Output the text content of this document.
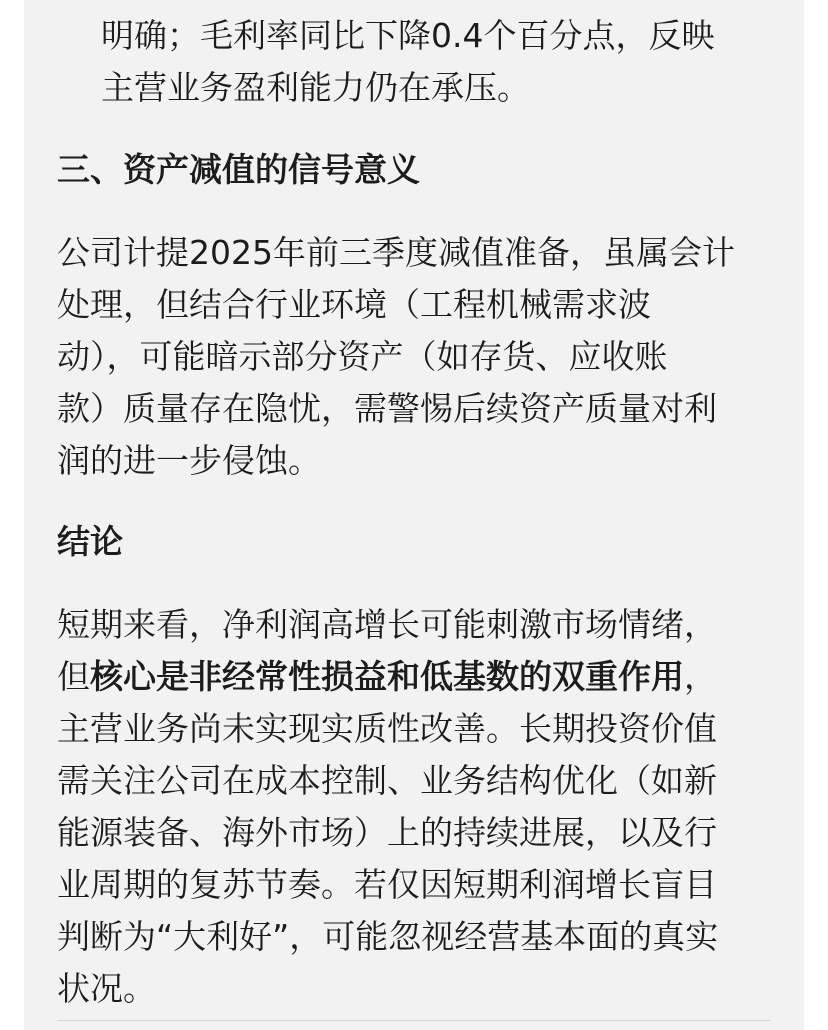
明确；毛利率同比下降0.4个百分点，反映

主营业务盈利能力仍在承压。

三、资产减值的信号意义

公司计提2025年前三季度减值准备，虽属会计

处理，但结合行业环境（工程机械需求波

动），可能暗示部分资产（如存货、应收账

款）质量存在隐忧，需警惕后续资产质量对利

润的进一步侵蚀。

结论

短期来看，净利润高增长可能刺激市场情绪，

但核心是非经常性损益和低基数的双重作用，

主营业务尚未实现实质性改善。长期投资价值

需关注公司在成本控制、业务结构优化（如新

能源装备、海外市场）上的持续进展，以及行

业周期的复苏节奏。若仅因短期利润增长盲目

判断为“大利好”，可能忽视经营基本面的真实

状况。
